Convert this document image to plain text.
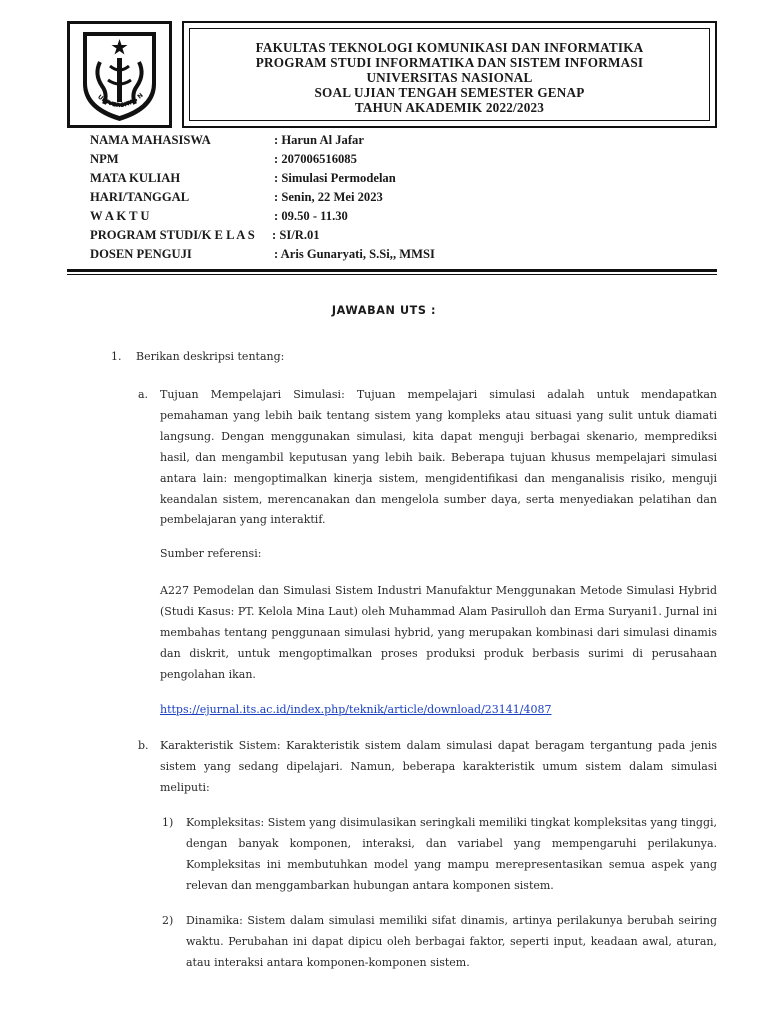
UNIVERSITAS N
FAKULTAS TEKNOLOGI KOMUNIKASI DAN INFORMATIKA
PROGRAM STUDI INFORMATIKA DAN SISTEM INFORMASI
UNIVERSITAS NASIONAL
SOAL UJIAN TENGAH SEMESTER GENAP
TAHUN AKADEMIK 2022/2023
NAMA MAHASISWA	: Harun Al Jafar
NPM	: 207006516085
MATA KULIAH	: Simulasi Permodelan
HARI/TANGGAL	: Senin, 22 Mei 2023
W A K T U	: 09.50 - 11.30
PROGRAM STUDI/K E L A S : SI/R.01
DOSEN PENGUJI	: Aris Gunaryati, S.Si,, MMSI
JAWABAN UTS :
1. Berikan deskripsi tentang:
a. Tujuan Mempelajari Simulasi: Tujuan mempelajari simulasi adalah untuk mendapatkan pemahaman yang lebih baik tentang sistem yang kompleks atau situasi yang sulit untuk diamati langsung. Dengan menggunakan simulasi, kita dapat menguji berbagai skenario, memprediksi hasil, dan mengambil keputusan yang lebih baik. Beberapa tujuan khusus mempelajari simulasi antara lain: mengoptimalkan kinerja sistem, mengidentifikasi dan menganalisis risiko, menguji keandalan sistem, merencanakan dan mengelola sumber daya, serta menyediakan pelatihan dan pembelajaran yang interaktif.
Sumber referensi:
A227 Pemodelan dan Simulasi Sistem Industri Manufaktur Menggunakan Metode Simulasi Hybrid (Studi Kasus: PT. Kelola Mina Laut) oleh Muhammad Alam Pasirulloh dan Erma Suryani1. Jurnal ini membahas tentang penggunaan simulasi hybrid, yang merupakan kombinasi dari simulasi dinamis dan diskrit, untuk mengoptimalkan proses produksi produk berbasis surimi di perusahaan pengolahan ikan.
https://ejurnal.its.ac.id/index.php/teknik/article/download/23141/4087
b. Karakteristik Sistem: Karakteristik sistem dalam simulasi dapat beragam tergantung pada jenis sistem yang sedang dipelajari. Namun, beberapa karakteristik umum sistem dalam simulasi meliputi:
1) Kompleksitas: Sistem yang disimulasikan seringkali memiliki tingkat kompleksitas yang tinggi, dengan banyak komponen, interaksi, dan variabel yang mempengaruhi perilakunya. Kompleksitas ini membutuhkan model yang mampu merepresentasikan semua aspek yang relevan dan menggambarkan hubungan antara komponen sistem.
2) Dinamika: Sistem dalam simulasi memiliki sifat dinamis, artinya perilakunya berubah seiring waktu. Perubahan ini dapat dipicu oleh berbagai faktor, seperti input, keadaan awal, aturan, atau interaksi antara komponen-komponen sistem.
